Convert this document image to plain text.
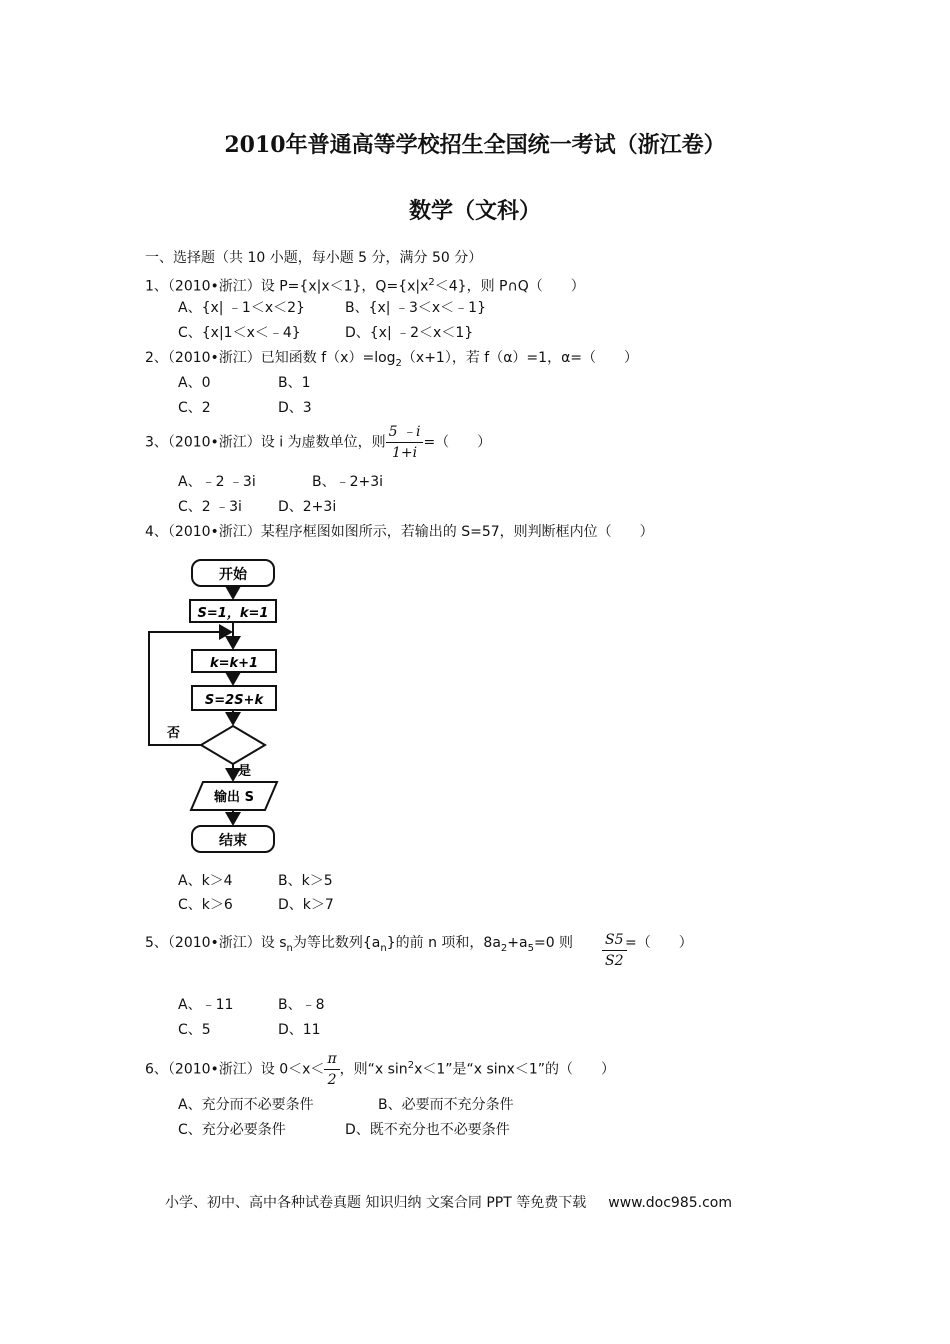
2010年普通高等学校招生全国统一考试（浙江卷）
数学（文科）
一、选择题（共 10 小题，每小题 5 分，满分 50 分）
1、（2010•浙江）设 P={x|x＜1}，$Q=\{x|x^2<4\}$，则 P∩Q（　　）
A、{x| ﹣1＜x＜2}	B、{x| ﹣3＜x＜﹣1}
C、{x|1＜x＜﹣4}	D、{x| ﹣2＜x＜1}
2、（2010•浙江）已知函数 $f(x)=\log_2(x+1)$，若 f（α）=1，α=（　　）
A、0	B、1
C、2	D、3
3、（2010•浙江）设 i 为虚数单位，则 $\frac{5 ﹣i}{1+i}$ =（　　）
A、﹣2 ﹣3i	B、﹣2+3i
C、2 ﹣3i	D、2+3i
4、（2010•浙江）某程序框图如图所示，若输出的 S=57，则判断框内位（　　）
开始
S=1，k=1
k=k+1
S=2S+k
否
是
输出 S
结束
A、k＞4	B、k＞5
C、k＞6	D、k＞7
5、（2010•浙江）设 $s_n$为等比数列$\{a_n\}$的前 n 项和，$8a_2+a_5=0$ 则 $\frac{S5}{S2}$
=（　　）
A、﹣11	B、﹣8
C、5	D、11
6、（2010•浙江）设 $0<x< \frac{\pi}{2}$ ，则“x $\sin^2x<1$”是“x sinx＜1”的（　　）
A、充分而不必要条件	B、必要而不充分条件
C、充分必要条件	D、既不充分也不必要条件
小学、初中、高中各种试卷真题 知识归纳 文案合同 PPT 等免费下载 www.doc985.com
